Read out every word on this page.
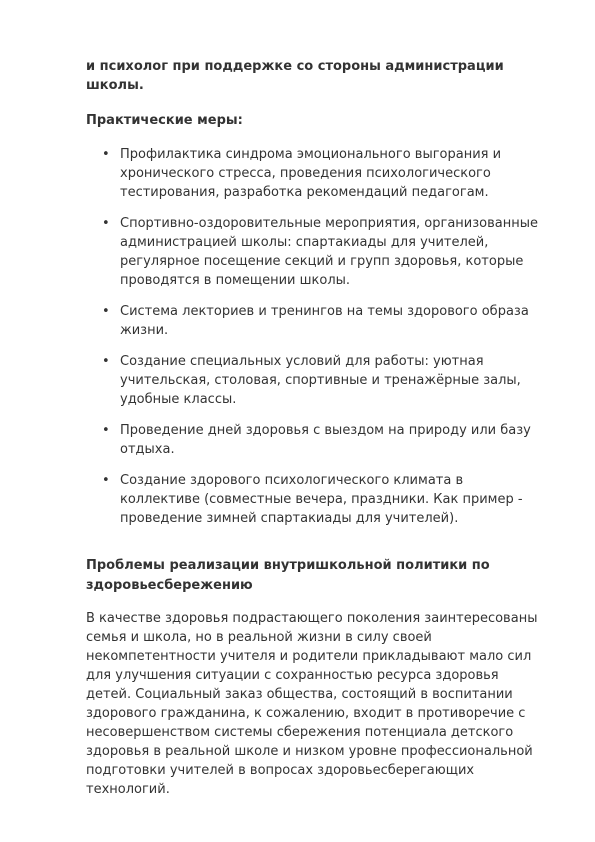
и психолог при поддержке со стороны администрации школы.

Практические меры:

• Профилактика синдрома эмоционального выгорания и хронического стресса, проведения психологического тестирования, разработка рекомендаций педагогам.
• Спортивно-оздоровительные мероприятия, организованные администрацией школы: спартакиады для учителей, регулярное посещение секций и групп здоровья, которые проводятся в помещении школы.
• Система лекториев и тренингов на темы здорового образа жизни.
• Создание специальных условий для работы: уютная учительская, столовая, спортивные и тренажёрные залы, удобные классы.
• Проведение дней здоровья с выездом на природу или базу отдыха.
• Создание здорового психологического климата в коллективе (совместные вечера, праздники. Как пример - проведение зимней спартакиады для учителей).
Проблемы реализации внутришкольной политики по здоровьесбережению

В качестве здоровья подрастающего поколения заинтересованы семья и школа, но в реальной жизни в силу своей некомпетентности учителя и родители прикладывают мало сил для улучшения ситуации с сохранностью ресурса здоровья детей. Социальный заказ общества, состоящий в воспитании здорового гражданина, к сожалению, входит в противоречие с несовершенством системы сбережения потенциала детского здоровья в реальной школе и низком уровне профессиональной подготовки учителей в вопросах здоровьесберегающих технологий.
